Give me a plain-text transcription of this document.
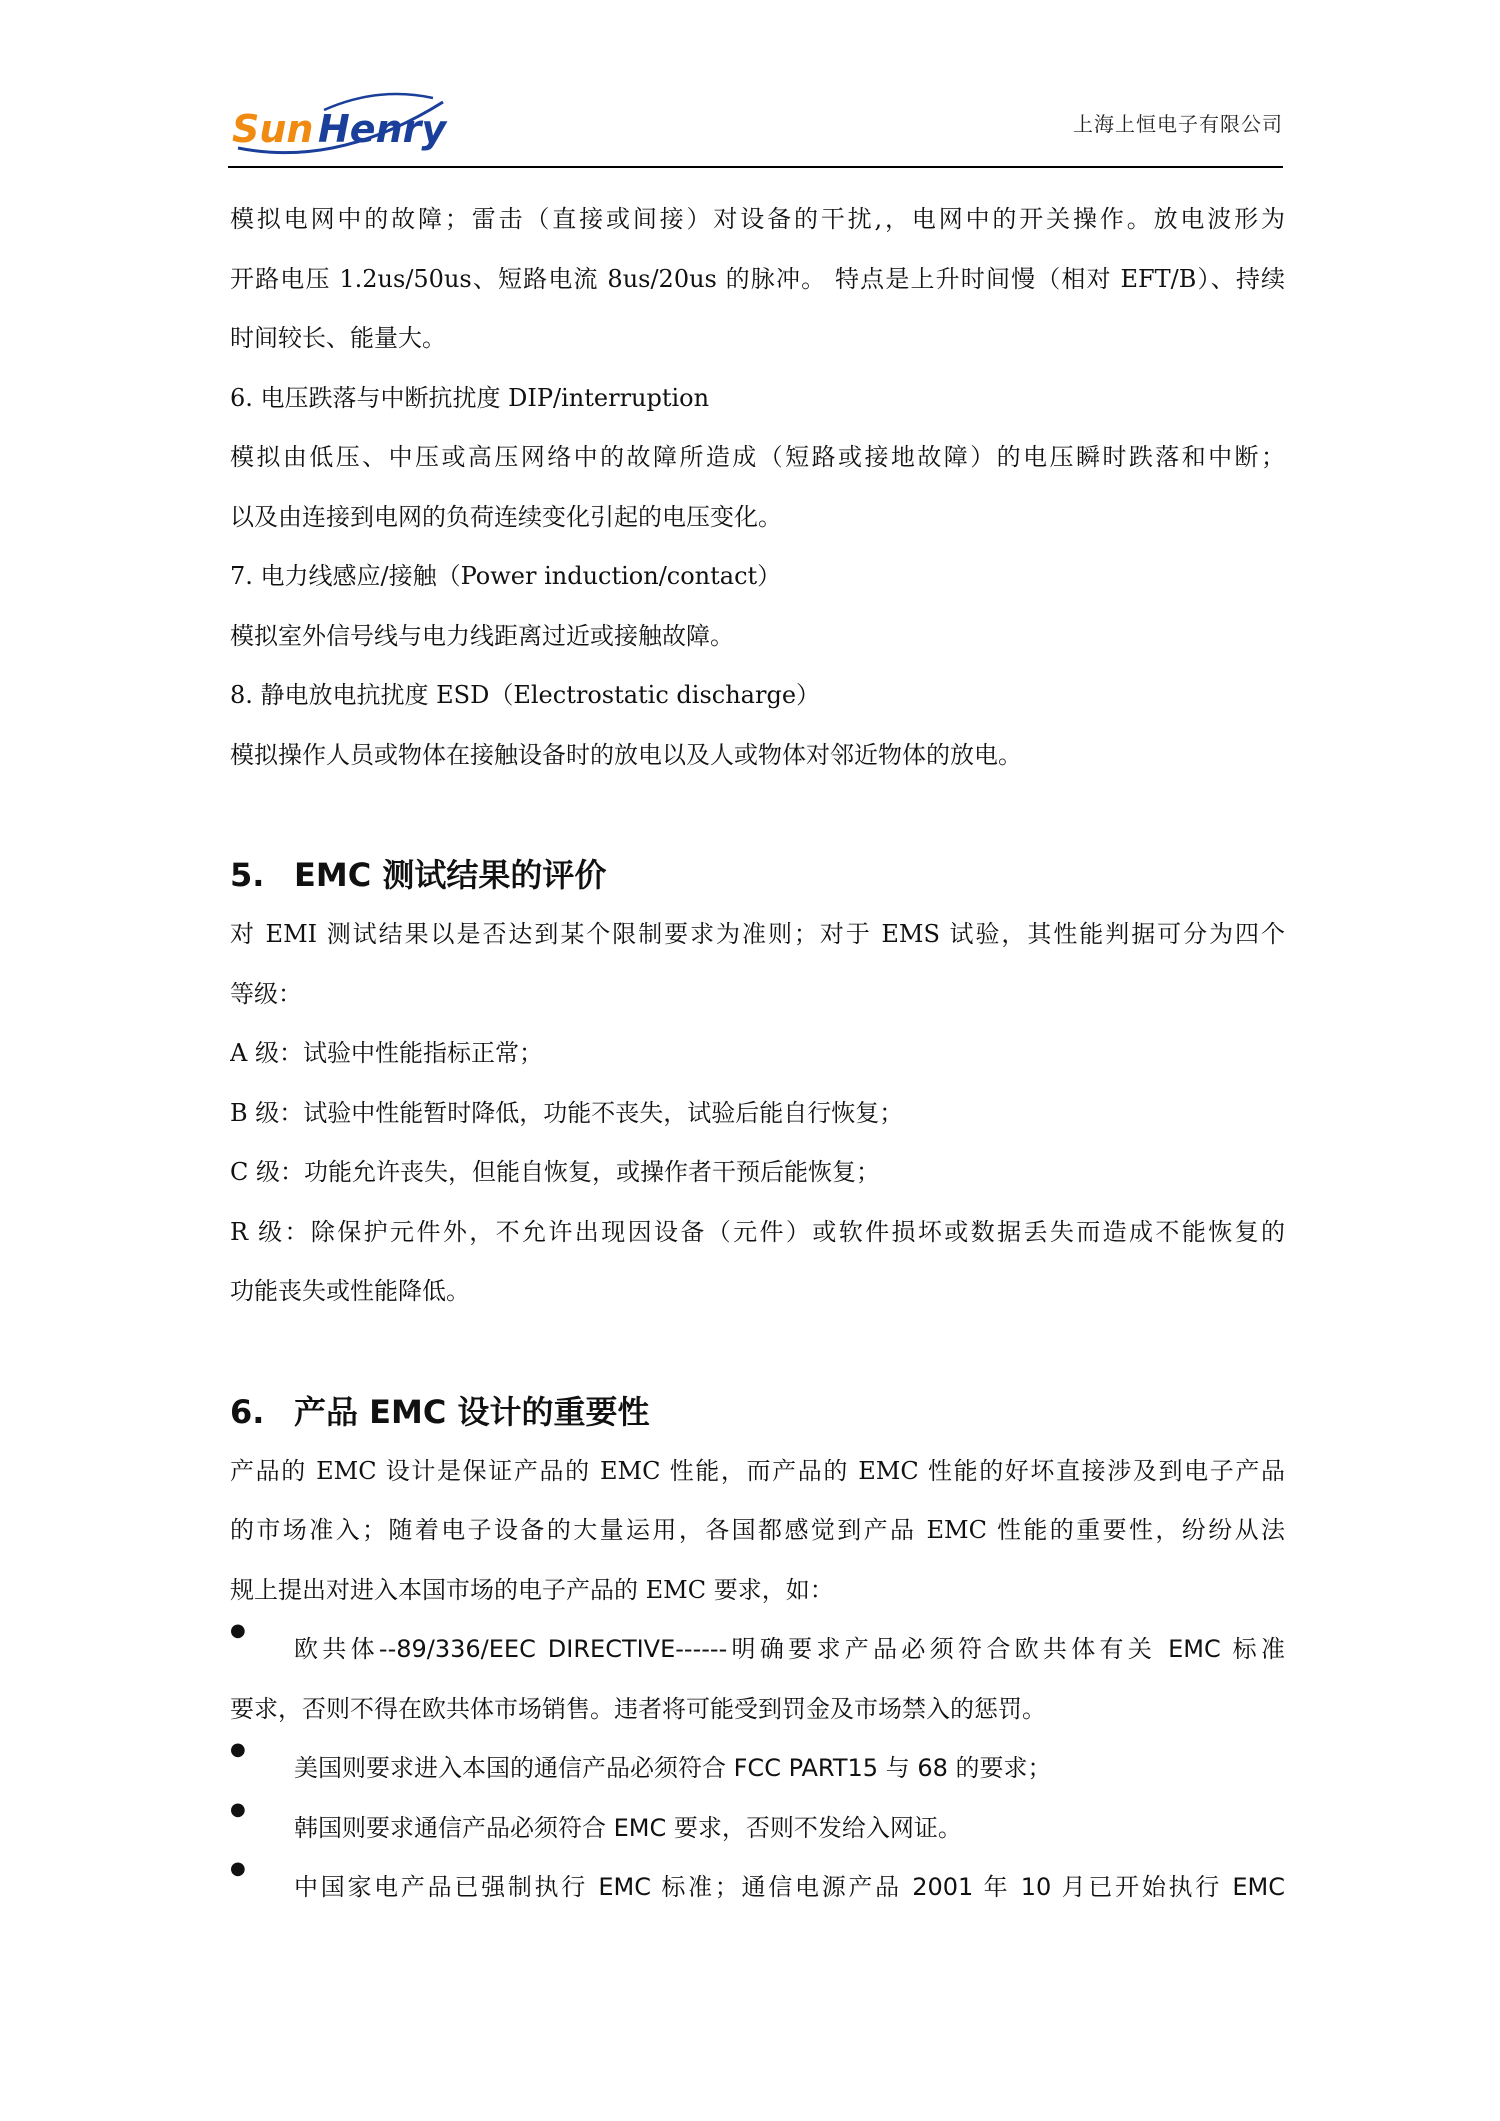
Sun Henry	上海上恒电子有限公司

模拟电网中的故障；雷击（直接或间接）对设备的干扰,，电网中的开关操作。放电波形为

开路电压 1.2us/50us、短路电流 8us/20us 的脉冲。 特点是上升时间慢（相对 EFT/B）、持续

时间较长、能量大。

6. 电压跌落与中断抗扰度 DIP/interruption

模拟由低压、中压或高压网络中的故障所造成（短路或接地故障）的电压瞬时跌落和中断；

以及由连接到电网的负荷连续变化引起的电压变化。

7. 电力线感应/接触（Power induction/contact）

模拟室外信号线与电力线距离过近或接触故障。

8. 静电放电抗扰度 ESD（Electrostatic discharge）

模拟操作人员或物体在接触设备时的放电以及人或物体对邻近物体的放电。

5. EMC 测试结果的评价

对 EMI 测试结果以是否达到某个限制要求为准则；对于 EMS 试验，其性能判据可分为四个

等级：

A 级：试验中性能指标正常；

B 级：试验中性能暂时降低，功能不丧失，试验后能自行恢复；

C 级：功能允许丧失，但能自恢复，或操作者干预后能恢复；

R 级：除保护元件外，不允许出现因设备（元件）或软件损坏或数据丢失而造成不能恢复的

功能丧失或性能降低。

6. 产品 EMC 设计的重要性

产品的 EMC 设计是保证产品的 EMC 性能，而产品的 EMC 性能的好坏直接涉及到电子产品

的市场准入；随着电子设备的大量运用，各国都感觉到产品 EMC 性能的重要性，纷纷从法

规上提出对进入本国市场的电子产品的 EMC 要求，如：

●

欧共体--89/336/EEC DIRECTIVE------明确要求产品必须符合欧共体有关 EMC 标准

要求，否则不得在欧共体市场销售。违者将可能受到罚金及市场禁入的惩罚。

●

美国则要求进入本国的通信产品必须符合 FCC PART15 与 68 的要求；

●

韩国则要求通信产品必须符合 EMC 要求，否则不发给入网证。

●

中国家电产品已强制执行 EMC 标准；通信电源产品 2001 年 10 月已开始执行 EMC
